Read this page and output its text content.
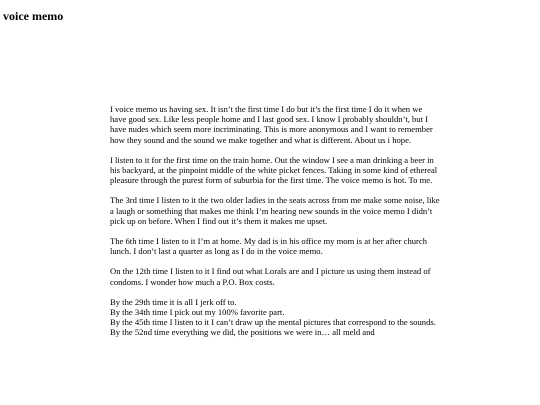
voice memo

I voice memo us having sex. It isn’t the first time I do but it’s the first time I do it when we have good sex. Like less people home and I last good sex. I know I probably shouldn’t, but I have nudes which seem more incriminating. This is more anonymous and I want to remember how they sound and the sound we make together and what is different. About us i hope.

I listen to it for the first time on the train home. Out the window I see a man drinking a beer in his backyard, at the pinpoint middle of the white picket fences. Taking in some kind of ethereal pleasure through the purest form of suburbia for the first time. The voice memo is hot. To me.

The 3rd time I listen to it the two older ladies in the seats across from me make some noise, like a laugh or something that makes me think I’m hearing new sounds in the voice memo I didn’t pick up on before. When I find out it’s them it makes me upset.

The 6th time I listen to it I’m at home. My dad is in his office my mom is at her after church lunch. I don’t last a quarter as long as I do in the voice memo.

On the 12th time I listen to it I find out what Lorals are and I picture us using them instead of condoms. I wonder how much a P.O. Box costs.

By the 29th time it is all I jerk off to.
By the 34th time I pick out my 100% favorite part.
By the 45th time I listen to it I can’t draw up the mental pictures that correspond to the sounds.
By the 52nd time everything we did, the positions we were in… all meld and
